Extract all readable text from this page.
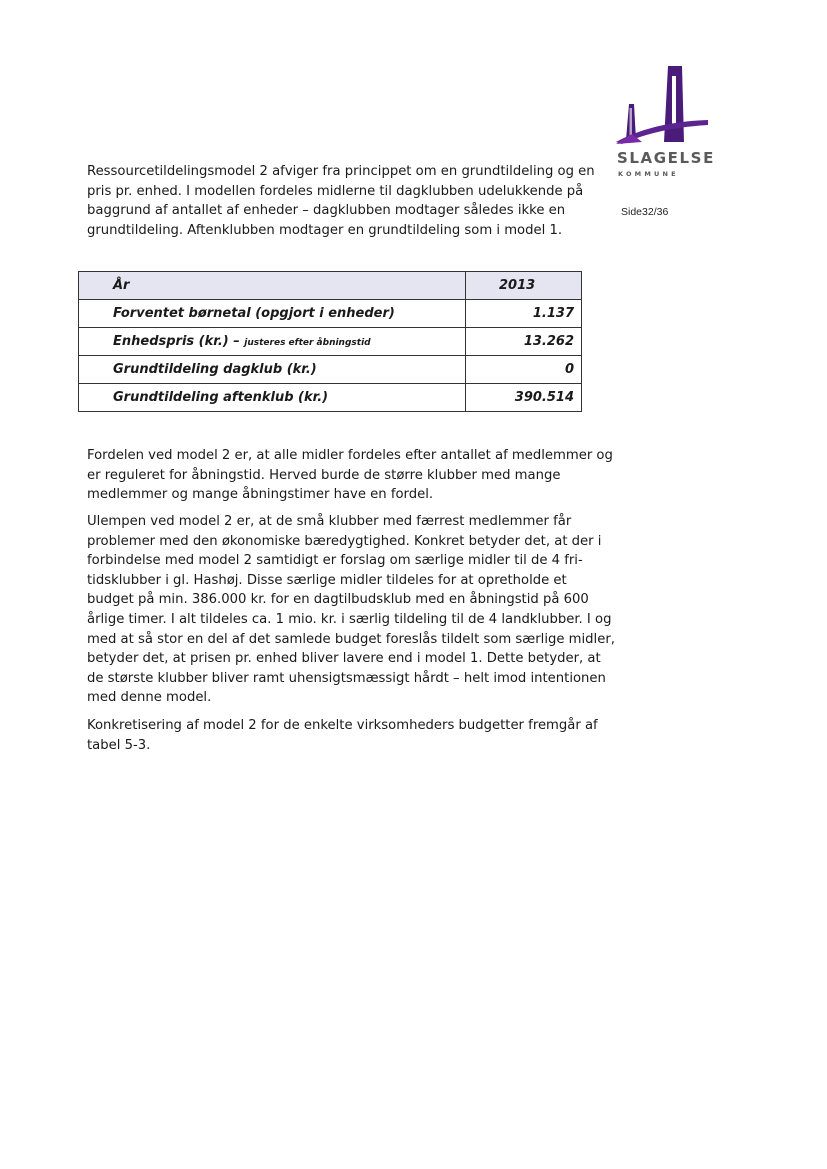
SLAGELSE
KOMMUNE
Side32/36

Ressourcetildelingsmodel 2 afviger fra princippet om en grundtildeling og en pris pr. enhed. I modellen fordeles midlerne til dagklubben udelukkende på baggrund af antallet af enheder – dagklubben modtager således ikke en grundtildeling. Aftenklubben modtager en grundtildeling som i model 1.

År	2013
Forventet børnetal (opgjort i enheder)	1.137
Enhedspris (kr.) – justeres efter åbningstid	13.262
Grundtildeling dagklub (kr.)	0
Grundtildeling aftenklub (kr.)	390.514

Fordelen ved model 2 er, at alle midler fordeles efter antallet af medlemmer og er reguleret for åbningstid. Herved burde de større klubber med mange medlemmer og mange åbningstimer have en fordel.

Ulempen ved model 2 er, at de små klubber med færrest medlemmer får problemer med den økonomiske bæredygtighed. Konkret betyder det, at der i forbindelse med model 2 samtidigt er forslag om særlige midler til de 4 fri-tidsklubber i gl. Hashøj. Disse særlige midler tildeles for at opretholde et budget på min. 386.000 kr. for en dagtilbudsklub med en åbningstid på 600 årlige timer. I alt tildeles ca. 1 mio. kr. i særlig tildeling til de 4 landklubber. I og med at så stor en del af det samlede budget foreslås tildelt som særlige midler, betyder det, at prisen pr. enhed bliver lavere end i model 1. Dette betyder, at de største klubber bliver ramt uhensigtsmæssigt hårdt – helt imod intentionen med denne model.

Konkretisering af model 2 for de enkelte virksomheders budgetter fremgår af tabel 5-3.
